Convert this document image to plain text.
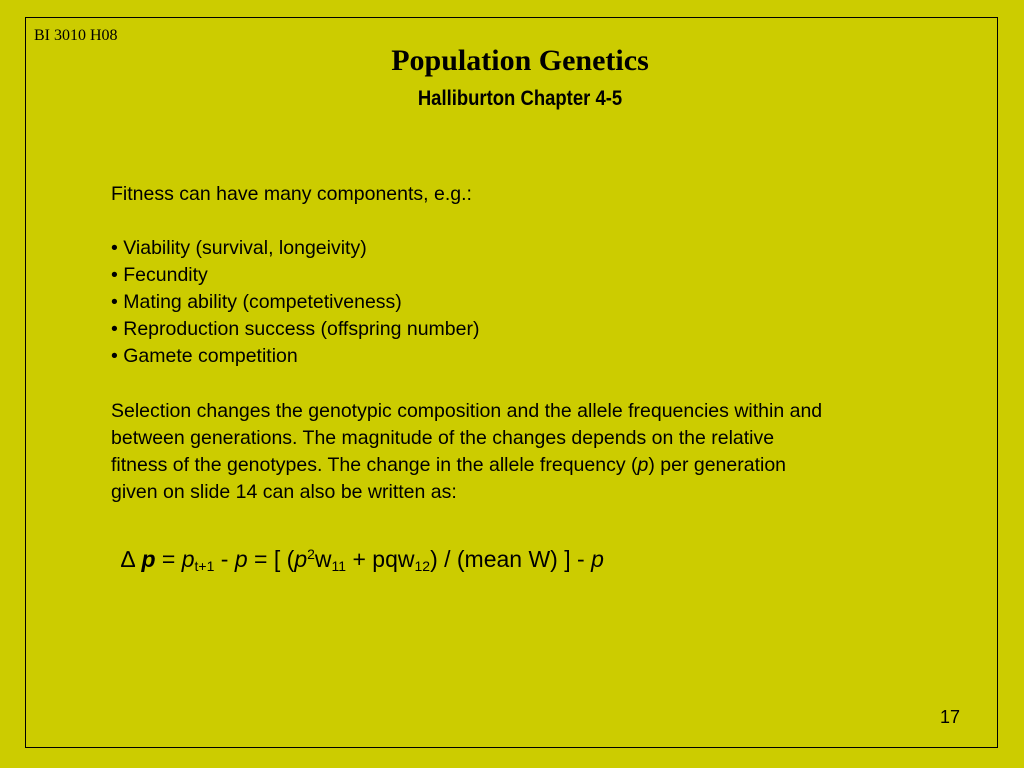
BI 3010 H08
Population Genetics
Halliburton Chapter 4-5
Fitness can have many components, e.g.:
• Viability (survival, longeivity)
• Fecundity
• Mating ability (competetiveness)
• Reproduction success (offspring number)
• Gamete competition
Selection changes the genotypic composition and the allele frequencies within and
between generations. The magnitude of the changes depends on the relative
fitness of the genotypes. The change in the allele frequency (p) per generation
given on slide 14 can also be written as:
∆ $p = p_{t+1} - p$ = [ $(p^2w_{11} + pqw_{12})$ / (mean W) ] - p
17
